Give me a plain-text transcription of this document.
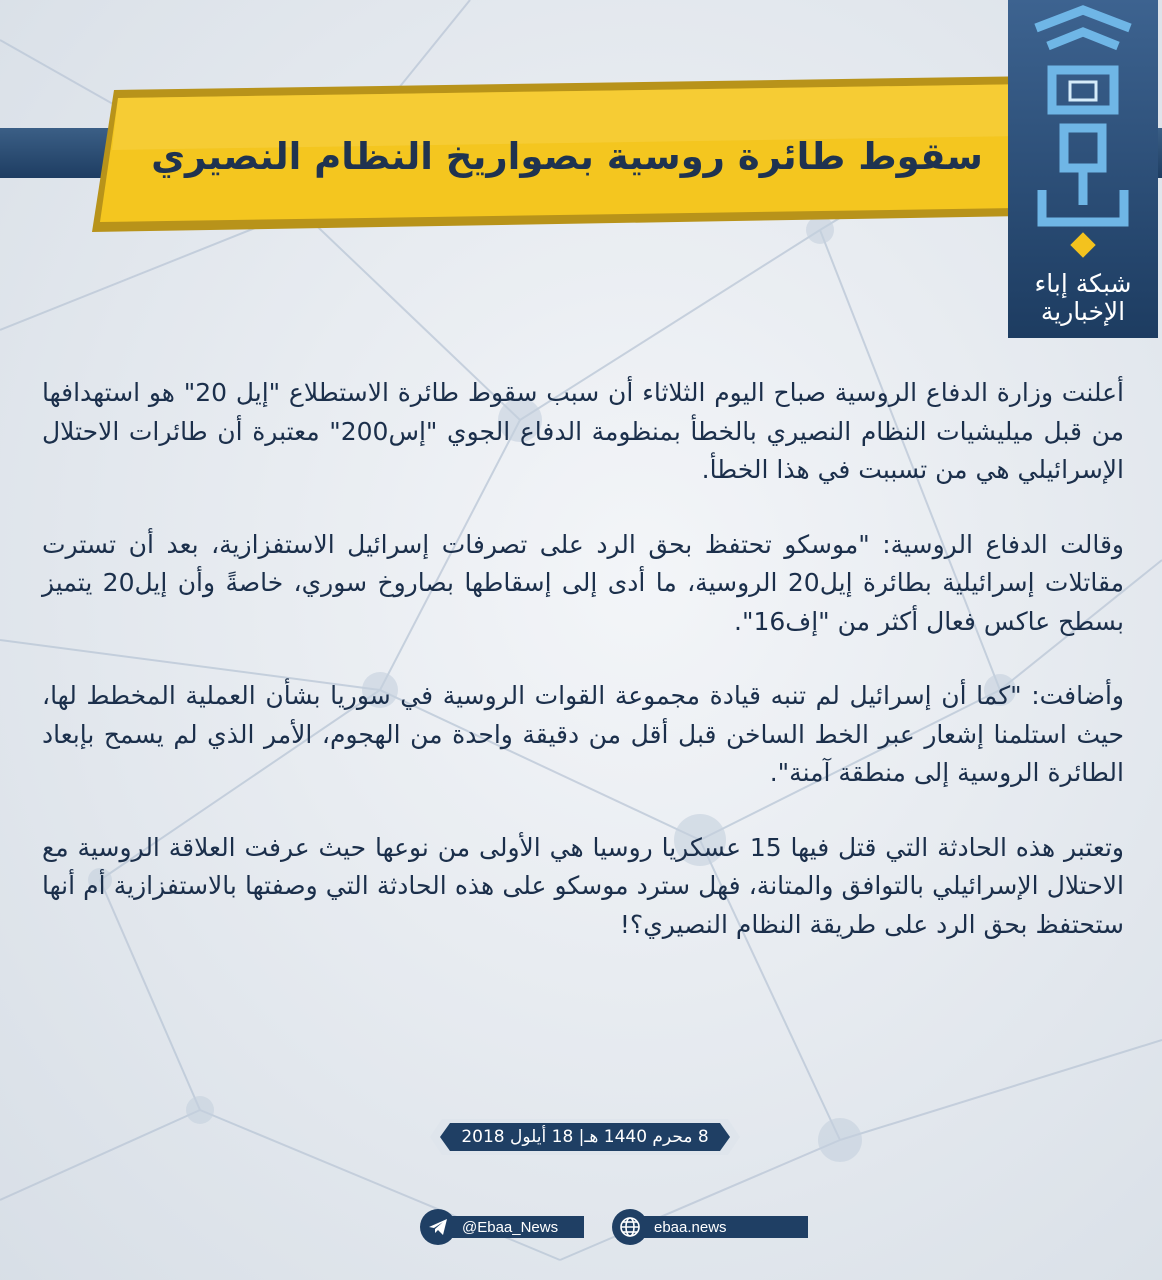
سقوط طائرة روسية بصواريخ النظام النصيري
شبكة إباء
الإخبارية

أعلنت وزارة الدفاع الروسية صباح اليوم الثلاثاء أن سبب سقوط طائرة الاستطلاع "إيل 20" هو استهدافها من قبل ميليشيات النظام النصيري بالخطأ بمنظومة الدفاع الجوي "إس200" معتبرة أن طائرات الاحتلال الإسرائيلي هي من تسببت في هذا الخطأ.

وقالت الدفاع الروسية: "موسكو تحتفظ بحق الرد على تصرفات إسرائيل الاستفزازية، بعد أن تسترت مقاتلات إسرائيلية بطائرة إيل20 الروسية، ما أدى إلى إسقاطها بصاروخ سوري، خاصةً وأن إيل20 يتميز بسطح عاكس فعال أكثر من "إف16".

وأضافت: "كما أن إسرائيل لم تنبه قيادة مجموعة القوات الروسية في سوريا بشأن العملية المخطط لها، حيث استلمنا إشعار عبر الخط الساخن قبل أقل من دقيقة واحدة من الهجوم، الأمر الذي لم يسمح بإبعاد الطائرة الروسية إلى منطقة آمنة".

وتعتبر هذه الحادثة التي قتل فيها 15 عسكريا روسيا هي الأولى من نوعها حيث عرفت العلاقة الروسية مع الاحتلال الإسرائيلي بالتوافق والمتانة، فهل سترد موسكو على هذه الحادثة التي وصفتها بالاستفزازية أم أنها ستحتفظ بحق الرد على طريقة النظام النصيري؟!

8 محرم 1440 هـ| 18 أيلول 2018
@Ebaa_News	ebaa.news
